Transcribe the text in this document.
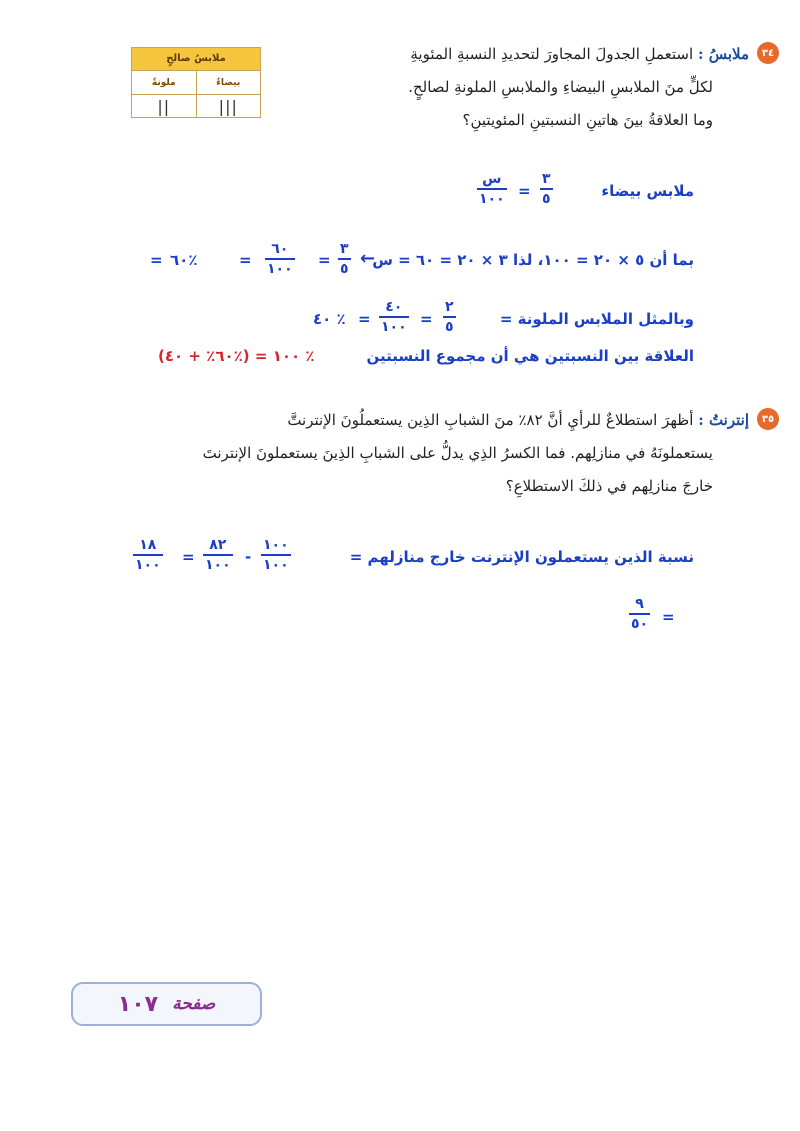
٣٤
ملابسُ : استعملِ الجدولَ المجاورَ لتحديدِ النسبةِ المئويةِ
لكلٍّ منَ الملابسِ البيضاءِ والملابسِ الملونةِ لصالحٍ.
وما العلاقةُ بينَ هاتينِ النسبتينِ المئويتينِ؟
ملابسُ صالحٍ
بيضاءُ
ملونةٌ
|||
||
ملابس بيضاء
$\frac{٣}{٥}$
=
$\frac{\text{س}}{١٠٠}$
بما أن ٥ × ٢٠ = ١٠٠، لذا ٣ × ٢٠ = ٦٠ = س
←
$\frac{٣}{٥}$
=
$\frac{٦٠}{١٠٠}$
=
٦٠٪
=
وبالمثل الملابس الملونة =
$\frac{٢}{٥}$
=
$\frac{٤٠}{١٠٠}$
=
٤٠ ٪
العلاقة بين النسبتين هي أن مجموع النسبتين
(٦٠٪ + ٤٠٪) = ١٠٠ ٪
٣٥
إنترنتُ : أظهرَ استطلاعٌ للرأيِ أنَّ ٨٢٪ منَ الشبابِ الذِين يستعملُونَ الإنترنتَّ
يستعملونَهُ في منازلِهم. فما الكسرُ الذِي يدلُّ على الشبابِ الذِينَ يستعملونَ الإنترنتَ
خارجَ منازلِهم في ذلكَ الاستطلاعِ؟
نسبة الذين يستعملون الإنترنت خارج منازلهم =
$\frac{١٠٠}{١٠٠}$
-
$\frac{٨٢}{١٠٠}$
=
$\frac{١٨}{١٠٠}$
=
$\frac{٩}{٥٠}$
صفحة
١٠٧
